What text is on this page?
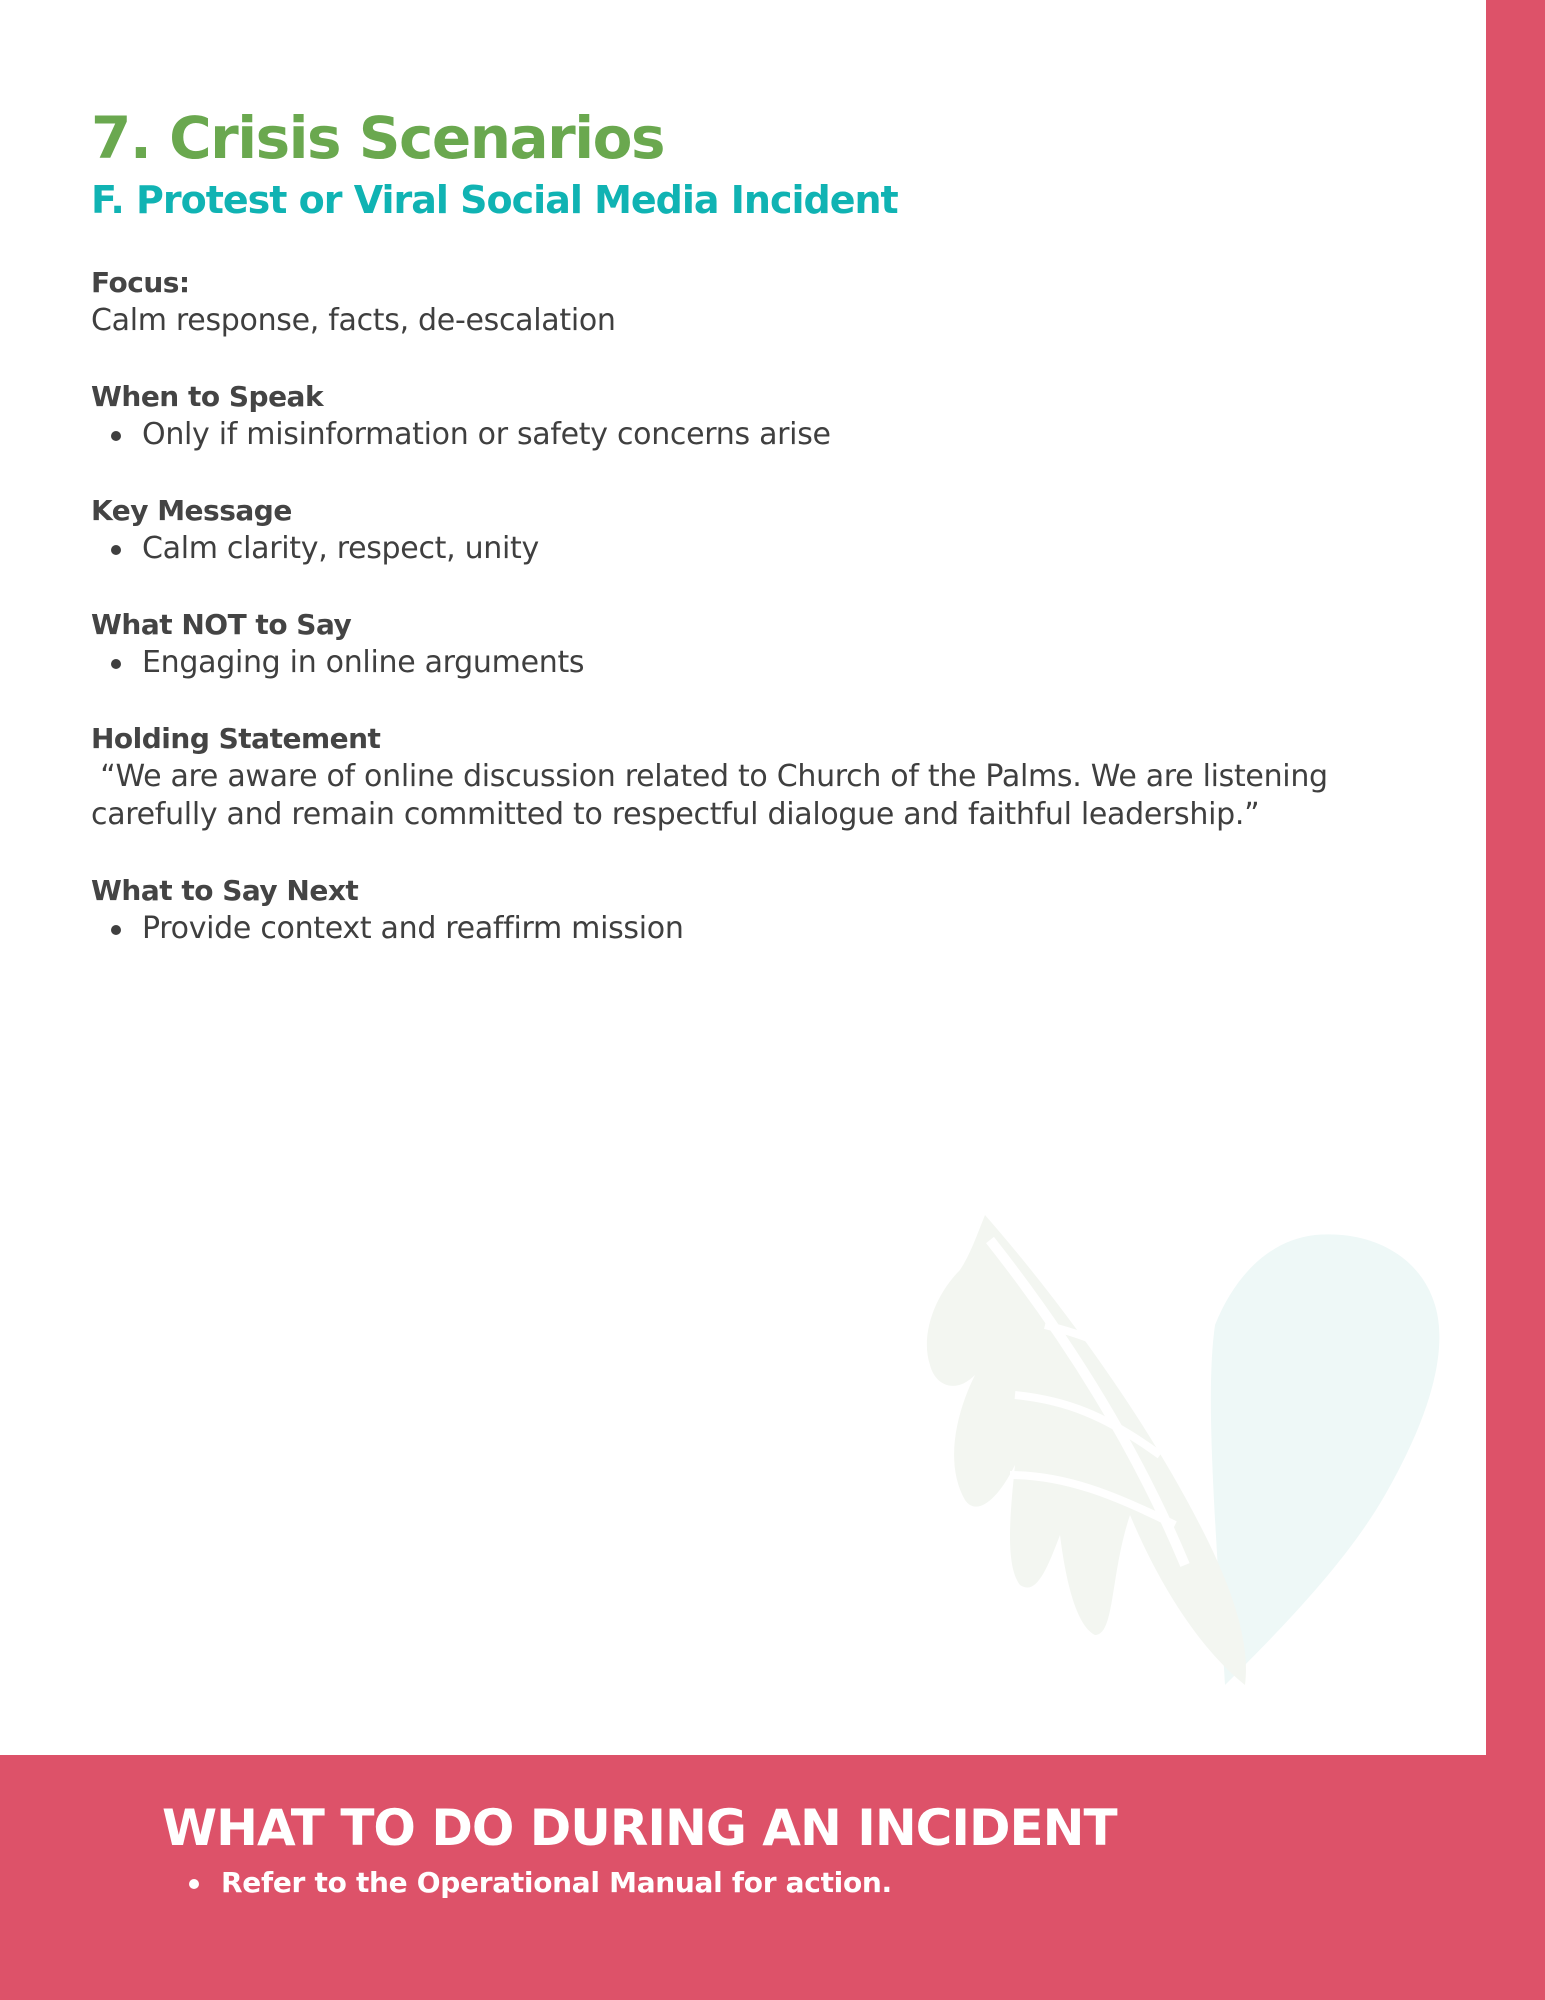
7. Crisis Scenarios
F. Protest or Viral Social Media Incident
Focus:
Calm response, facts, de-escalation
When to Speak
Only if misinformation or safety concerns arise
Key Message
Calm clarity, respect, unity
What NOT to Say
Engaging in online arguments
Holding Statement
“We are aware of online discussion related to Church of the Palms. We are listening
carefully and remain committed to respectful dialogue and faithful leadership.”
What to Say Next
Provide context and reaffirm mission
WHAT TO DO DURING AN INCIDENT
Refer to the Operational Manual for action.
